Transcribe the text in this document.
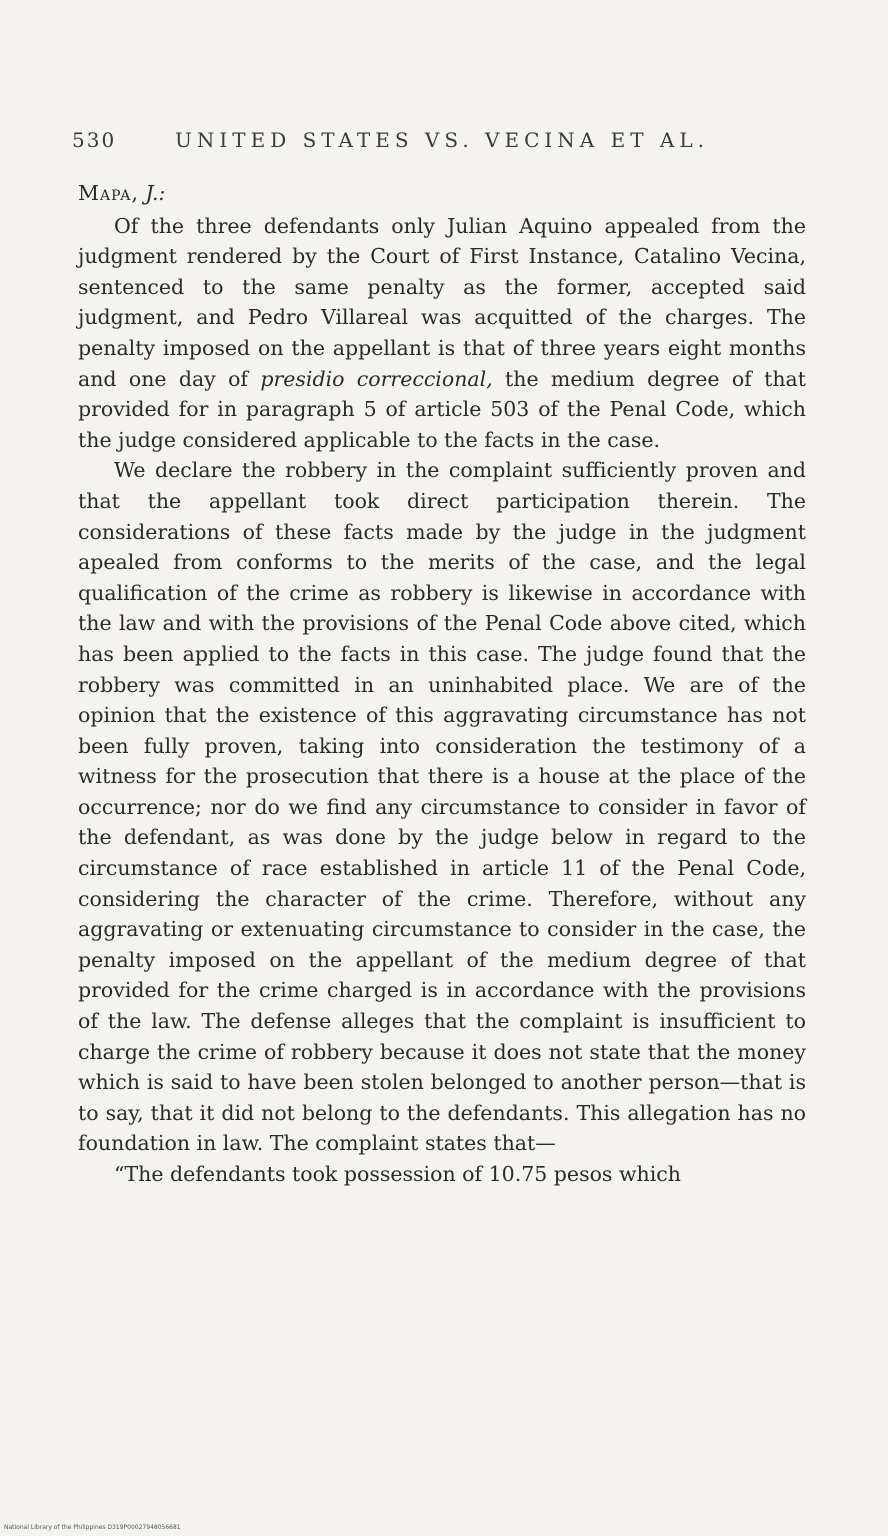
530	UNITED STATES VS. VECINA ET AL.

Mapa, J.:

Of the three defendants only Julian Aquino appealed from the judgment rendered by the Court of First Instance, Catalino Vecina, sentenced to the same penalty as the former, accepted said judgment, and Pedro Villareal was acquitted of the charges. The penalty imposed on the appellant is that of three years eight months and one day of presidio correccional, the medium degree of that provided for in paragraph 5 of article 503 of the Penal Code, which the judge considered applicable to the facts in the case.

We declare the robbery in the complaint sufficiently proven and that the appellant took direct participation therein. The considerations of these facts made by the judge in the judgment apealed from conforms to the merits of the case, and the legal qualification of the crime as robbery is likewise in accordance with the law and with the provisions of the Penal Code above cited, which has been applied to the facts in this case. The judge found that the robbery was committed in an uninhabited place. We are of the opinion that the existence of this aggravating circumstance has not been fully proven, taking into consideration the testimony of a witness for the prosecution that there is a house at the place of the occurrence; nor do we find any circumstance to consider in favor of the defendant, as was done by the judge below in regard to the circumstance of race established in article 11 of the Penal Code, considering the character of the crime. Therefore, without any aggravating or extenuating circumstance to consider in the case, the penalty imposed on the appellant of the medium degree of that provided for the crime charged is in accordance with the provisions of the law. The defense alleges that the complaint is insufficient to charge the crime of robbery because it does not state that the money which is said to have been stolen belonged to another person—that is to say, that it did not belong to the defendants. This allegation has no foundation in law. The complaint states that—

“The defendants took possession of 10.75 pesos which

National Library of the Philippines D319P00027948056681
